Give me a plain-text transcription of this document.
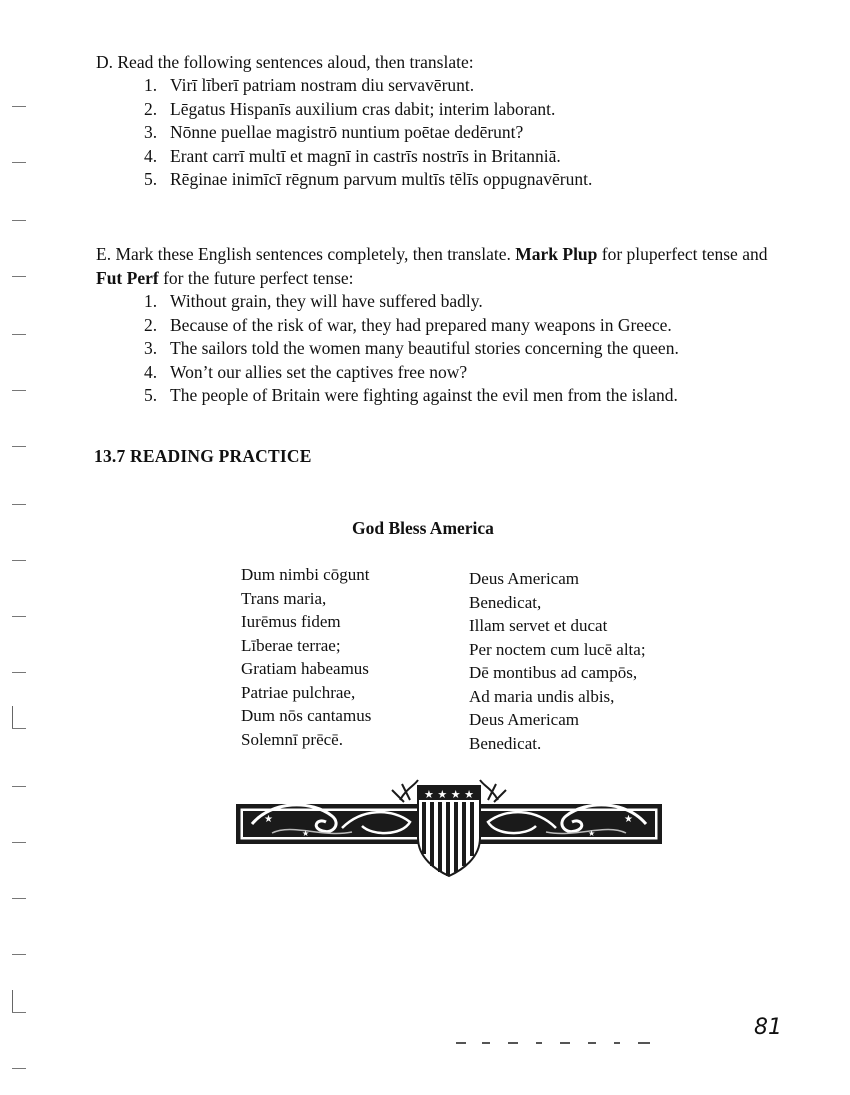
D. Read the following sentences aloud, then translate:

1. Virī līberī patriam nostram diu servavērunt.
2. Lēgatus Hispanīs auxilium cras dabit; interim laborant.
3. Nōnne puellae magistrō nuntium poētae dedērunt?
4. Erant carrī multī et magnī in castrīs nostrīs in Britanniā.
5. Rēginae inimīcī rēgnum parvum multīs tēlīs oppugnavērunt.

E. Mark these English sentences completely, then translate. Mark Plup for pluperfect tense and Fut Perf for the future perfect tense:

1. Without grain, they will have suffered badly.
2. Because of the risk of war, they had prepared many weapons in Greece.
3. The sailors told the women many beautiful stories concerning the queen.
4. Won’t our allies set the captives free now?
5. The people of Britain were fighting against the evil men from the island.
13.7 READING PRACTICE
God Bless America
Dum nimbi cōgunt
Trans maria,
Iurēmus fidem
Līberae terrae;
Gratiam habeamus
Patriae pulchrae,
Dum nōs cantamus
Solemnī prēcē.
Deus Americam
Benedicat,
Illam servet et ducat
Per noctem cum lucē alta;
Dē montibus ad campōs,
Ad maria undis albis,
Deus Americam
Benedicat.
★
★
★
★
★ ★ ★ ★
81
